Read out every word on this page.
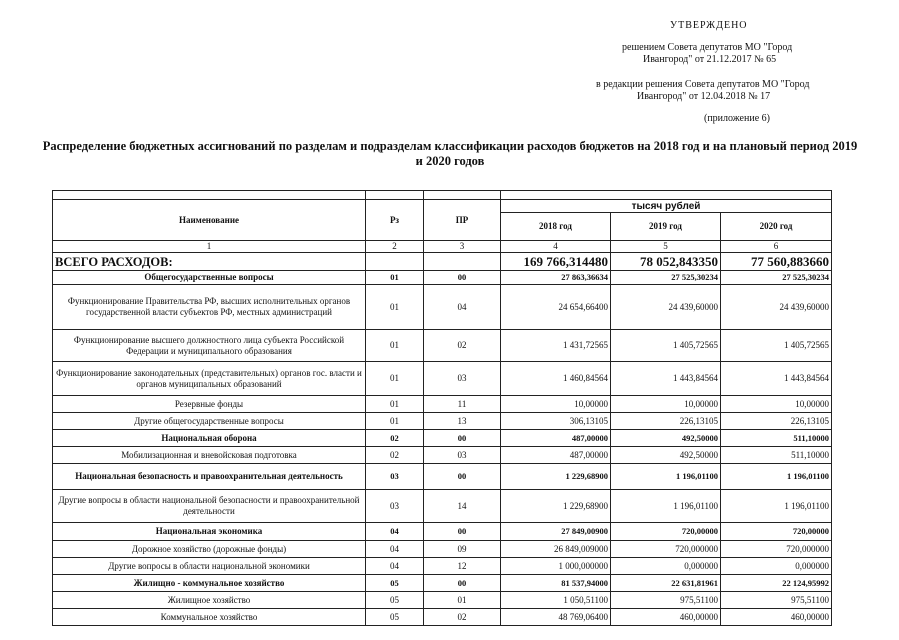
УТВЕРЖДЕНО
решением Совета депутатов МО "Город
Ивангород" от 21.12.2017 № 65
в редакции решения Совета депутатов МО "Город
Ивангород" от 12.04.2018 № 17
(приложение 6)
Распределение бюджетных ассигнований по разделам и подразделам классификации расходов бюджетов на 2018 год и на плановый период 2019 и 2020 годов

Наименование	Рз	ПР	тысяч рублей		
			2018 год	2019 год	2020 год
1	2	3	4	5	6
ВСЕГО РАСХОДОВ:			169 766,314480	78 052,843350	77 560,883660
Общегосударственные вопросы	01	00	27 863,36634	27 525,30234	27 525,30234
Функционирование Правительства РФ, высших исполнительных органов государственной власти субъектов РФ, местных администраций	01	04	24 654,66400	24 439,60000	24 439,60000
Функционирование высшего должностного лица субъекта Российской Федерации и муниципального образования	01	02	1 431,72565	1 405,72565	1 405,72565
Функционирование законодательных (представительных) органов гос. власти и органов муниципальных образований	01	03	1 460,84564	1 443,84564	1 443,84564
Резервные фонды	01	11	10,00000	10,00000	10,00000
Другие общегосударственные вопросы	01	13	306,13105	226,13105	226,13105
Национальная оборона	02	00	487,00000	492,50000	511,10000
Мобилизационная и вневойсковая подготовка	02	03	487,00000	492,50000	511,10000
Национальная безопасность и правоохранительная деятельность	03	00	1 229,68900	1 196,01100	1 196,01100
Другие вопросы в области национальной безопасности и правоохранительной деятельности	03	14	1 229,68900	1 196,01100	1 196,01100
Национальная экономика	04	00	27 849,00900	720,00000	720,00000
Дорожное хозяйство (дорожные фонды)	04	09	26 849,009000	720,000000	720,000000
Другие вопросы в области национальной экономики	04	12	1 000,000000	0,000000	0,000000
Жилищно - коммунальное хозяйство	05	00	81 537,94000	22 631,81961	22 124,95992
Жилищное хозяйство	05	01	1 050,51100	975,51100	975,51100
Коммунальное хозяйство	05	02	48 769,06400	460,00000	460,00000
